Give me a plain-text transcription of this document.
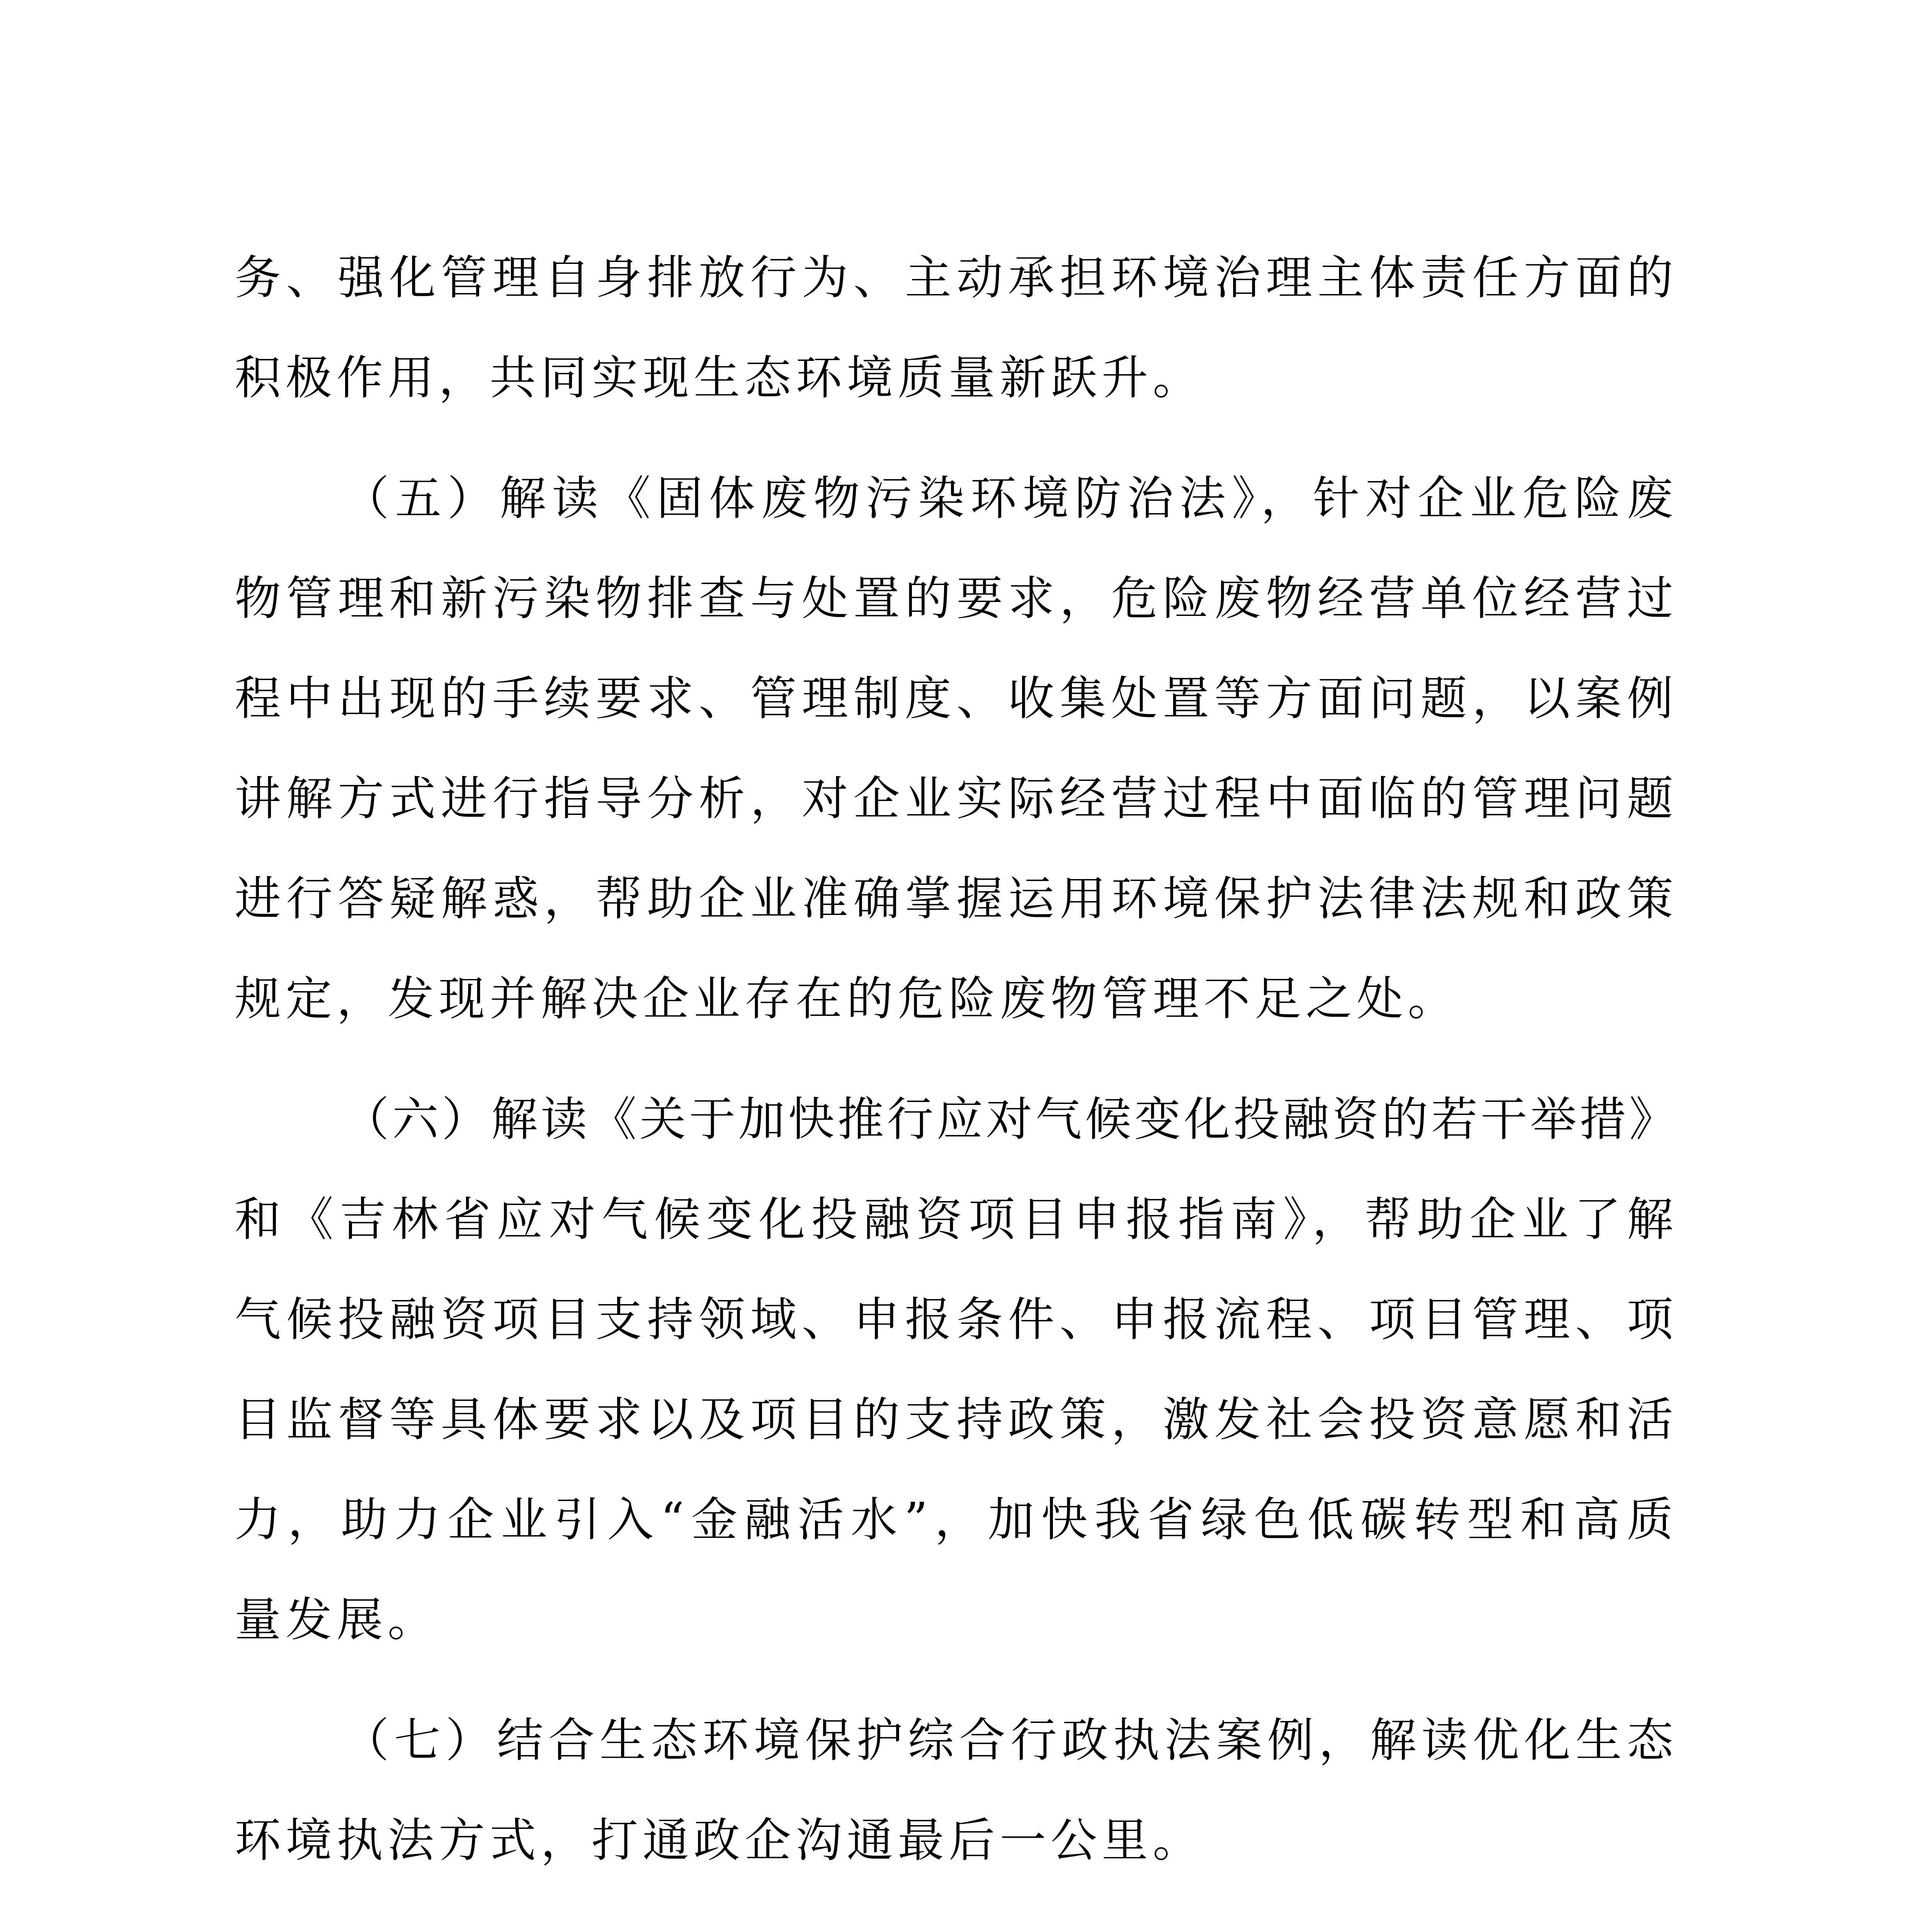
务、强化管理自身排放行为、主动承担环境治理主体责任方面的
积极作用，共同实现生态环境质量新跃升。
（五）解读《固体废物污染环境防治法》，针对企业危险废
物管理和新污染物排查与处置的要求，危险废物经营单位经营过
程中出现的手续要求、管理制度、收集处置等方面问题，以案例
讲解方式进行指导分析，对企业实际经营过程中面临的管理问题
进行答疑解惑，帮助企业准确掌握运用环境保护法律法规和政策
规定，发现并解决企业存在的危险废物管理不足之处。
（六）解读《关于加快推行应对气候变化投融资的若干举措》
和《吉林省应对气候变化投融资项目申报指南》，帮助企业了解
气候投融资项目支持领域、申报条件、申报流程、项目管理、项
目监督等具体要求以及项目的支持政策，激发社会投资意愿和活
力，助力企业引入“金融活水”，加快我省绿色低碳转型和高质
量发展。
（七）结合生态环境保护综合行政执法案例，解读优化生态
环境执法方式，打通政企沟通最后一公里。
